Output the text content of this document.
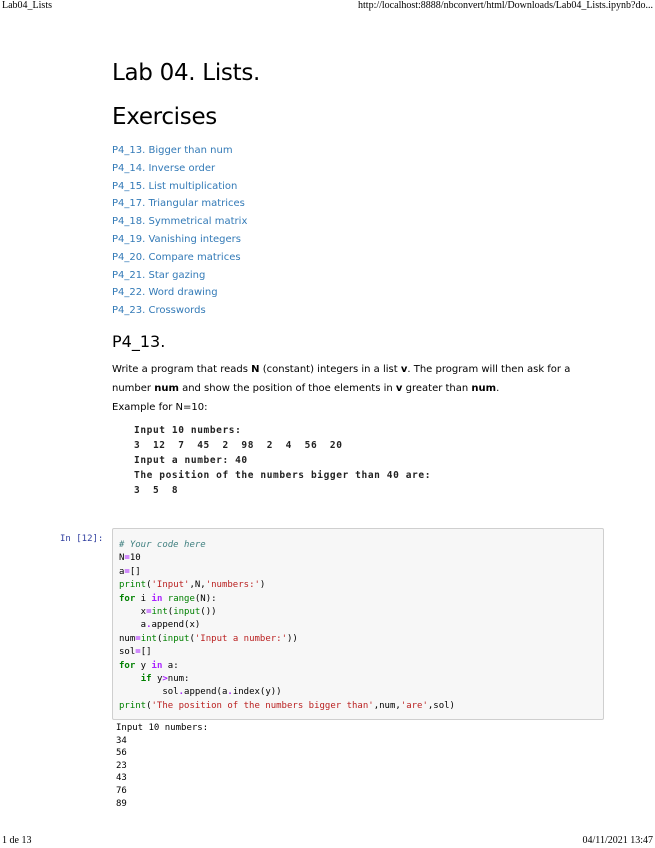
Lab04_Lists	http://localhost:8888/nbconvert/html/Downloads/Lab04_Lists.ipynb?do...
Lab 04. Lists.
Exercises
P4_13. Bigger than num
P4_14. Inverse order
P4_15. List multiplication
P4_17. Triangular matrices
P4_18. Symmetrical matrix
P4_19. Vanishing integers
P4_20. Compare matrices
P4_21. Star gazing
P4_22. Word drawing
P4_23. Crosswords
P4_13.

Write a program that reads N (constant) integers in a list v. The program will then ask for a
number num and show the position of thoe elements in v greater than num.
Example for N=10:

Input 10 numbers:
3  12  7  45  2  98  2  4  56  20
Input a number: 40
The position of the numbers bigger than 40 are:
3  5  8
In [12]:
# Your code here
N=10
a=[]
print('Input',N,'numbers:')
for i in range(N):
x=int(input())
a.append(x)
num=int(input('Input a number:'))
sol=[]
for y in a:
if y>num:
sol.append(a.index(y))
print('The position of the numbers bigger than',num,'are',sol)
Input 10 numbers:
34
56
23
43
76
89
1 de 13	04/11/2021 13:47
